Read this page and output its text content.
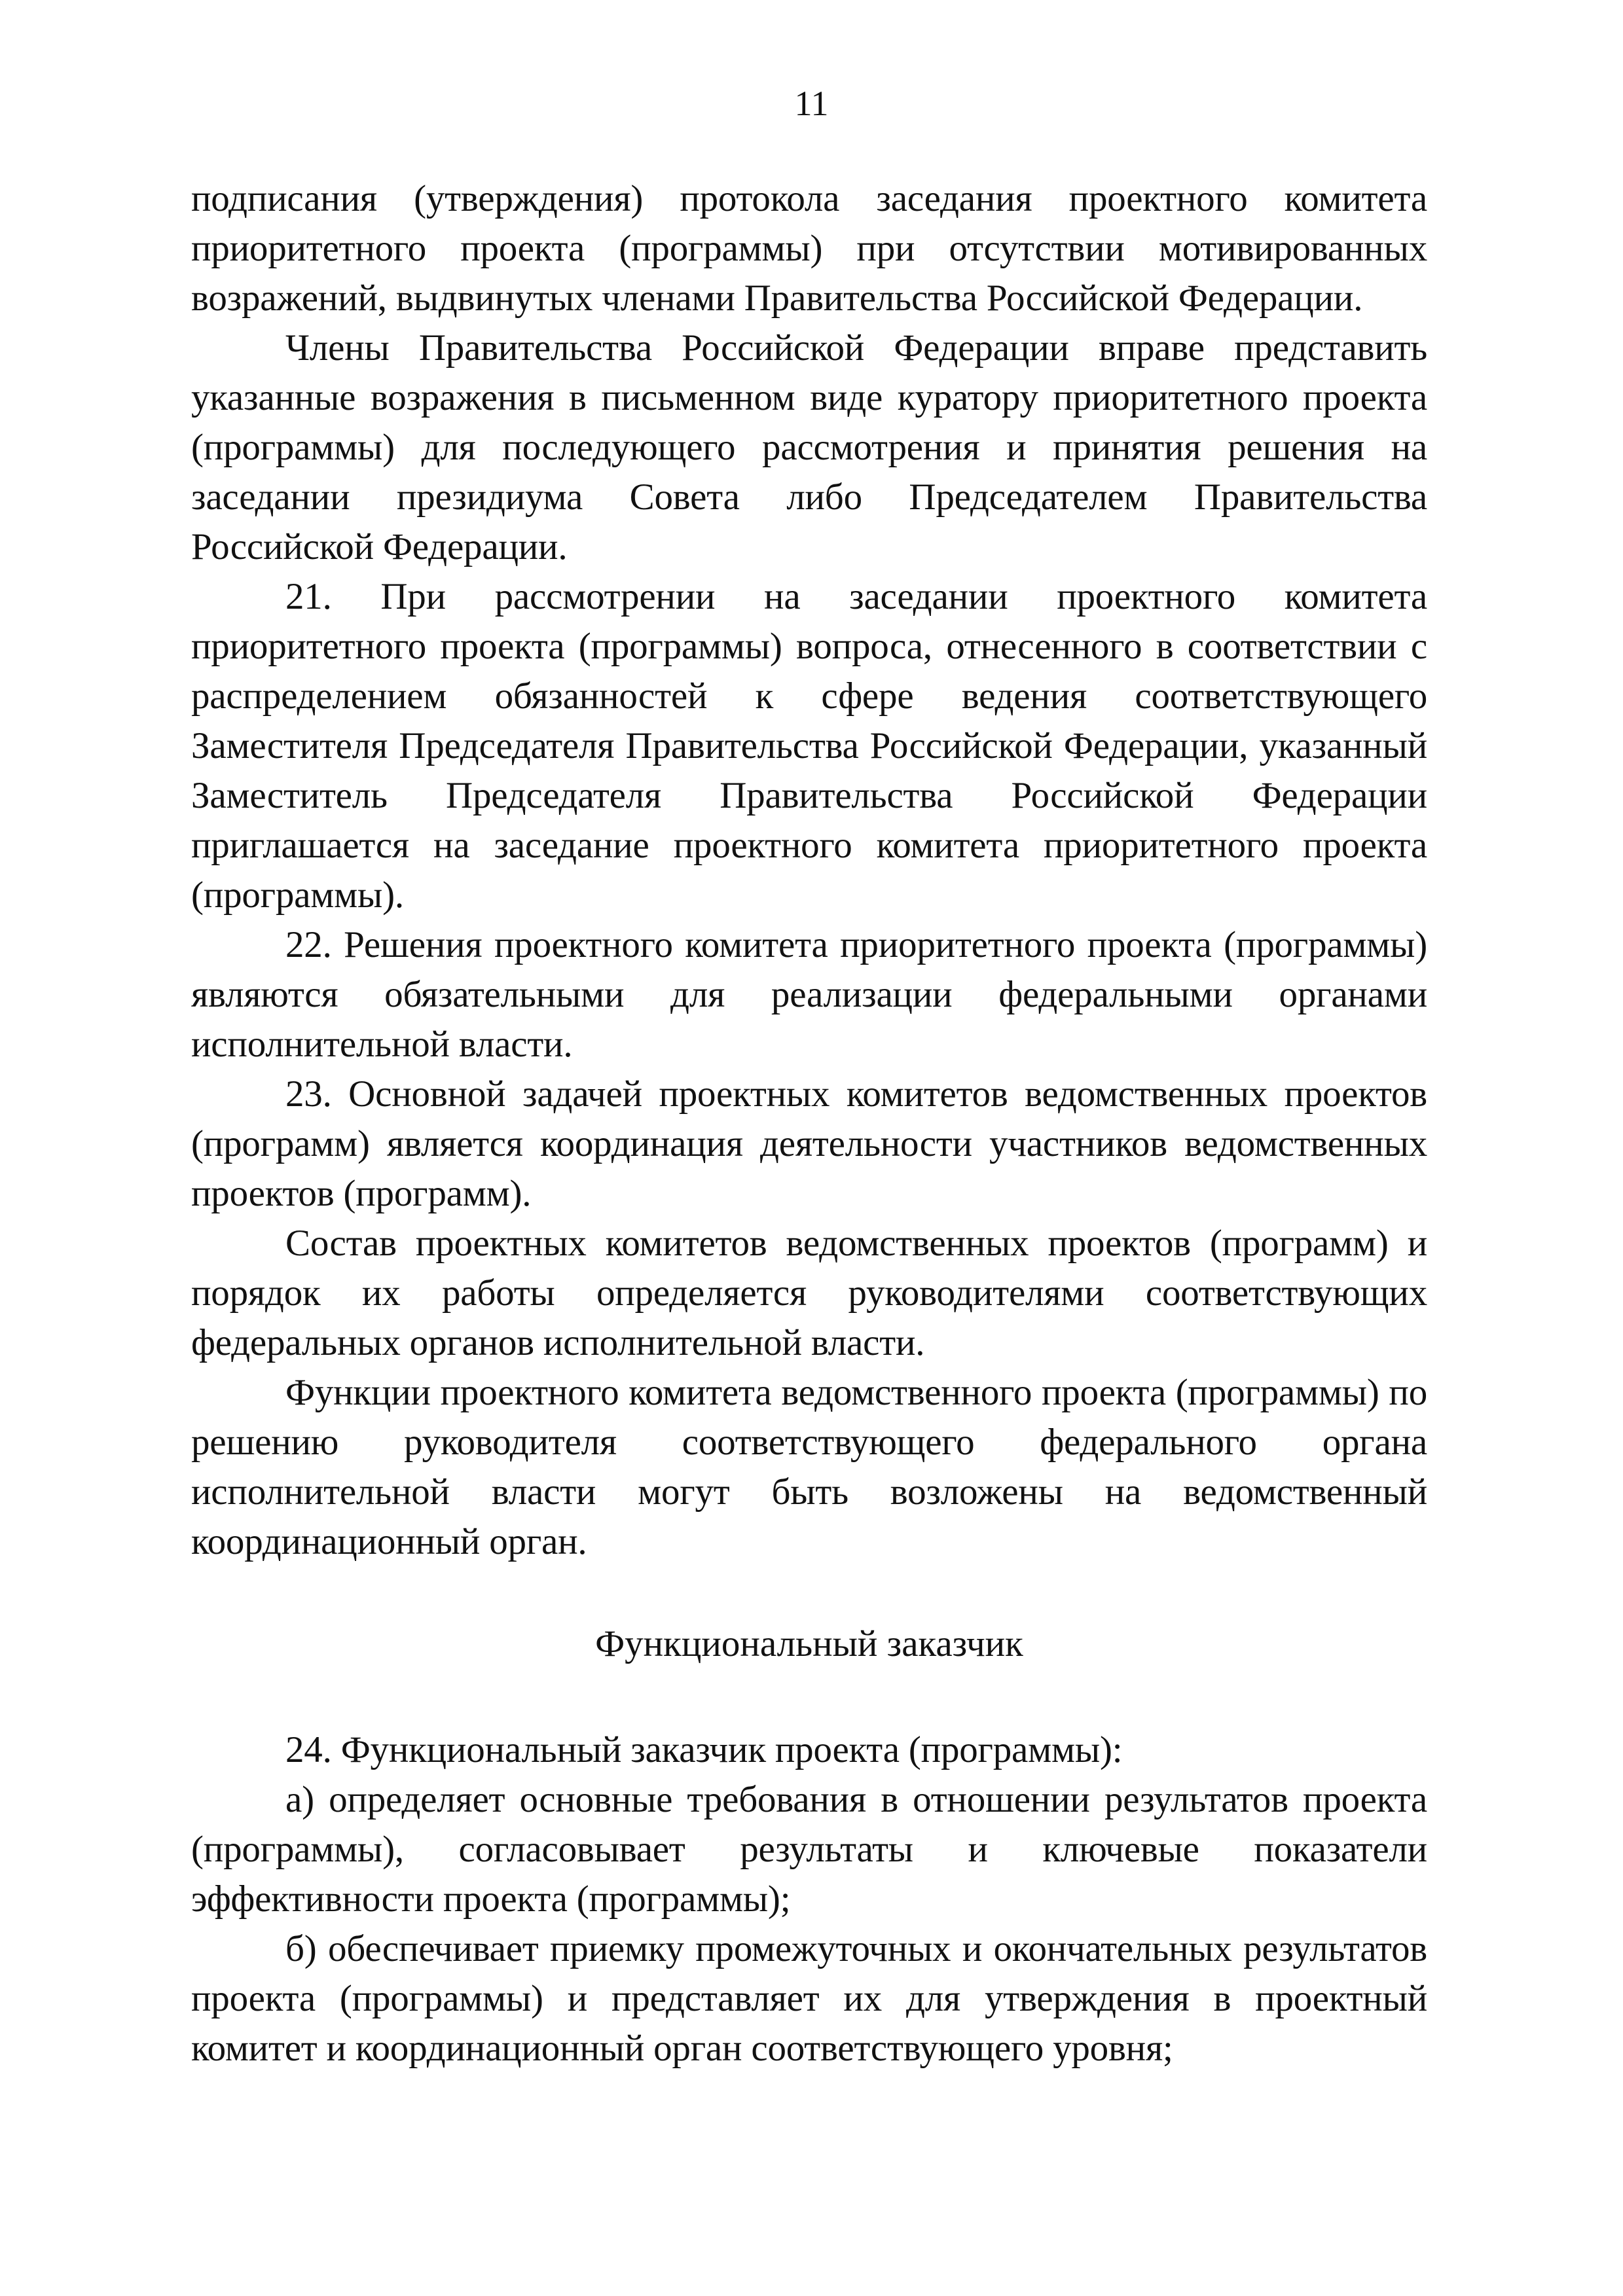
11

подписания (утверждения) протокола заседания проектного комитета приоритетного проекта (программы) при отсутствии мотивированных возражений, выдвинутых членами Правительства Российской Федерации.

Члены Правительства Российской Федерации вправе представить указанные возражения в письменном виде куратору приоритетного проекта (программы) для последующего рассмотрения и принятия решения на заседании президиума Совета либо Председателем Правительства Российской Федерации.

21. При рассмотрении на заседании проектного комитета приоритетного проекта (программы) вопроса, отнесенного в соответствии с распределением обязанностей к сфере ведения соответствующего Заместителя Председателя Правительства Российской Федерации, указанный Заместитель Председателя Правительства Российской Федерации приглашается на заседание проектного комитета приоритетного проекта (программы).

22. Решения проектного комитета приоритетного проекта (программы) являются обязательными для реализации федеральными органами исполнительной власти.

23. Основной задачей проектных комитетов ведомственных проектов (программ) является координация деятельности участников ведомственных проектов (программ).

Состав проектных комитетов ведомственных проектов (программ) и порядок их работы определяется руководителями соответствующих федеральных органов исполнительной власти.

Функции проектного комитета ведомственного проекта (программы) по решению руководителя соответствующего федерального органа исполнительной власти могут быть возложены на ведомственный координационный орган.

Функциональный заказчик

24. Функциональный заказчик проекта (программы):

а) определяет основные требования в отношении результатов проекта (программы), согласовывает результаты и ключевые показатели эффективности проекта (программы);

б) обеспечивает приемку промежуточных и окончательных результатов проекта (программы) и представляет их для утверждения в проектный комитет и координационный орган соответствующего уровня;
